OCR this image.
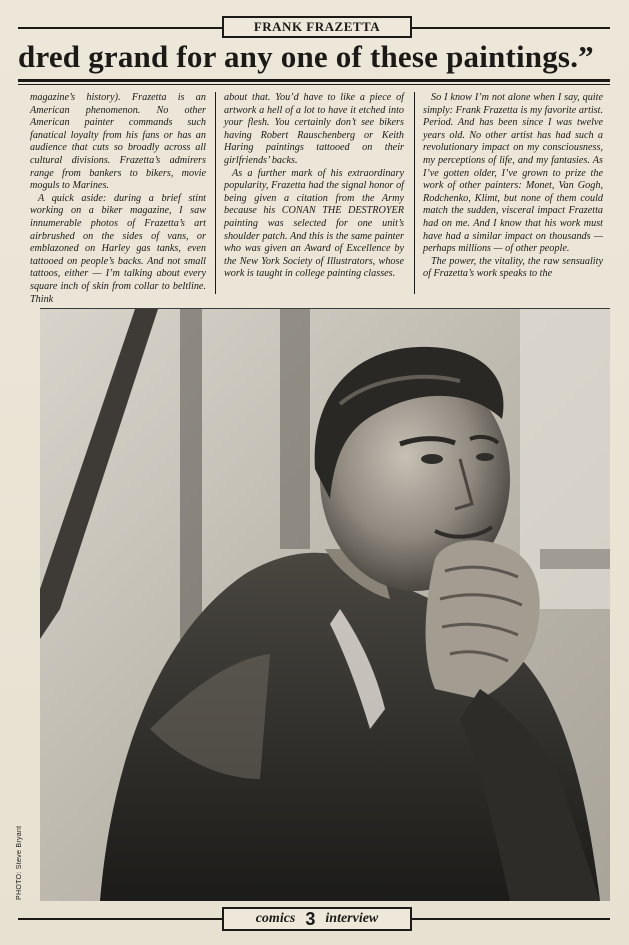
FRANK FRAZETTA
dred grand for any one of these paintings.”

magazine’s history). Frazetta is an American phenomenon. No other American painter commands such fanatical loyalty from his fans or has an audience that cuts so broadly across all cultural divisions. Frazetta’s admirers range from bankers to bikers, movie moguls to Marines.

A quick aside: during a brief stint working on a biker magazine, I saw innumerable photos of Frazetta’s art airbrushed on the sides of vans, or emblazoned on Harley gas tanks, even tattooed on people’s backs. And not small tattoos, either — I’m talking about every square inch of skin from collar to beltline. Think

about that. You’d have to like a piece of artwork a hell of a lot to have it etched into your flesh. You certainly don’t see bikers having Robert Rauschenberg or Keith Haring paintings tattooed on their girlfriends’ backs.

As a further mark of his extraordinary popularity, Frazetta had the signal honor of being given a citation from the Army because his CONAN THE DESTROYER painting was selected for one unit’s shoulder patch. And this is the same painter who was given an Award of Excellence by the New York Society of Illustrators, whose work is taught in college painting classes.

So I know I’m not alone when I say, quite simply: Frank Frazetta is my favorite artist. Period. And has been since I was twelve years old. No other artist has had such a revolutionary impact on my consciousness, my perceptions of life, and my fantasies. As I’ve gotten older, I’ve grown to prize the work of other painters: Monet, Van Gogh, Rodchenko, Klimt, but none of them could match the sudden, visceral impact Frazetta had on me. And I know that his work must have had a similar impact on thousands — perhaps millions — of other people.

The power, the vitality, the raw sensuality of Frazetta’s work speaks to the

PHOTO: Steve Bryant
comics 3 interview
